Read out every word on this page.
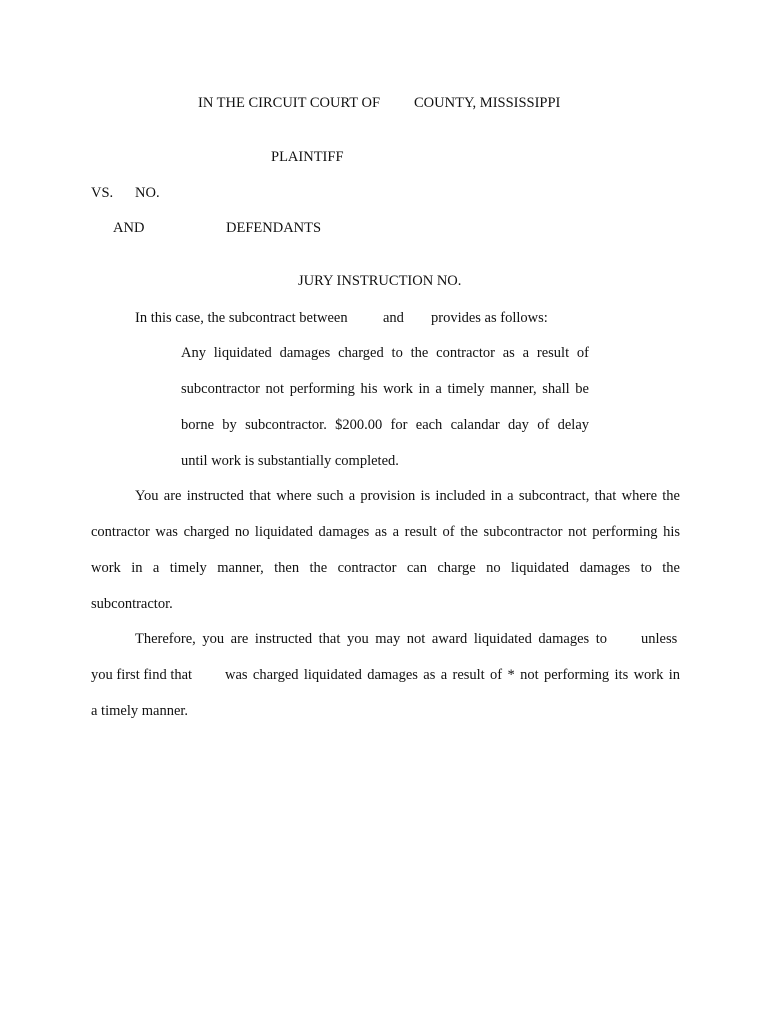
IN THE CIRCUIT COURT OF COUNTY, MISSISSIPPI
PLAINTIFF
VS. NO.
AND	DEFENDANTS
JURY INSTRUCTION NO.
In this case, the subcontract between and provides as follows:
Any liquidated damages charged to the contractor as a result of
subcontractor not performing his work in a timely manner, shall be
borne by subcontractor. $200.00 for each calandar day of delay
until work is substantially completed.
You are instructed that where such a provision is included in a subcontract, that where the
contractor was charged no liquidated damages as a result of the subcontractor not performing his
work in a timely manner, then the contractor can charge no liquidated damages to the
subcontractor.
Therefore, you are instructed that you may not award liquidated damages to unless
you first find that was charged liquidated damages as a result of * not performing its work in
a timely manner.
